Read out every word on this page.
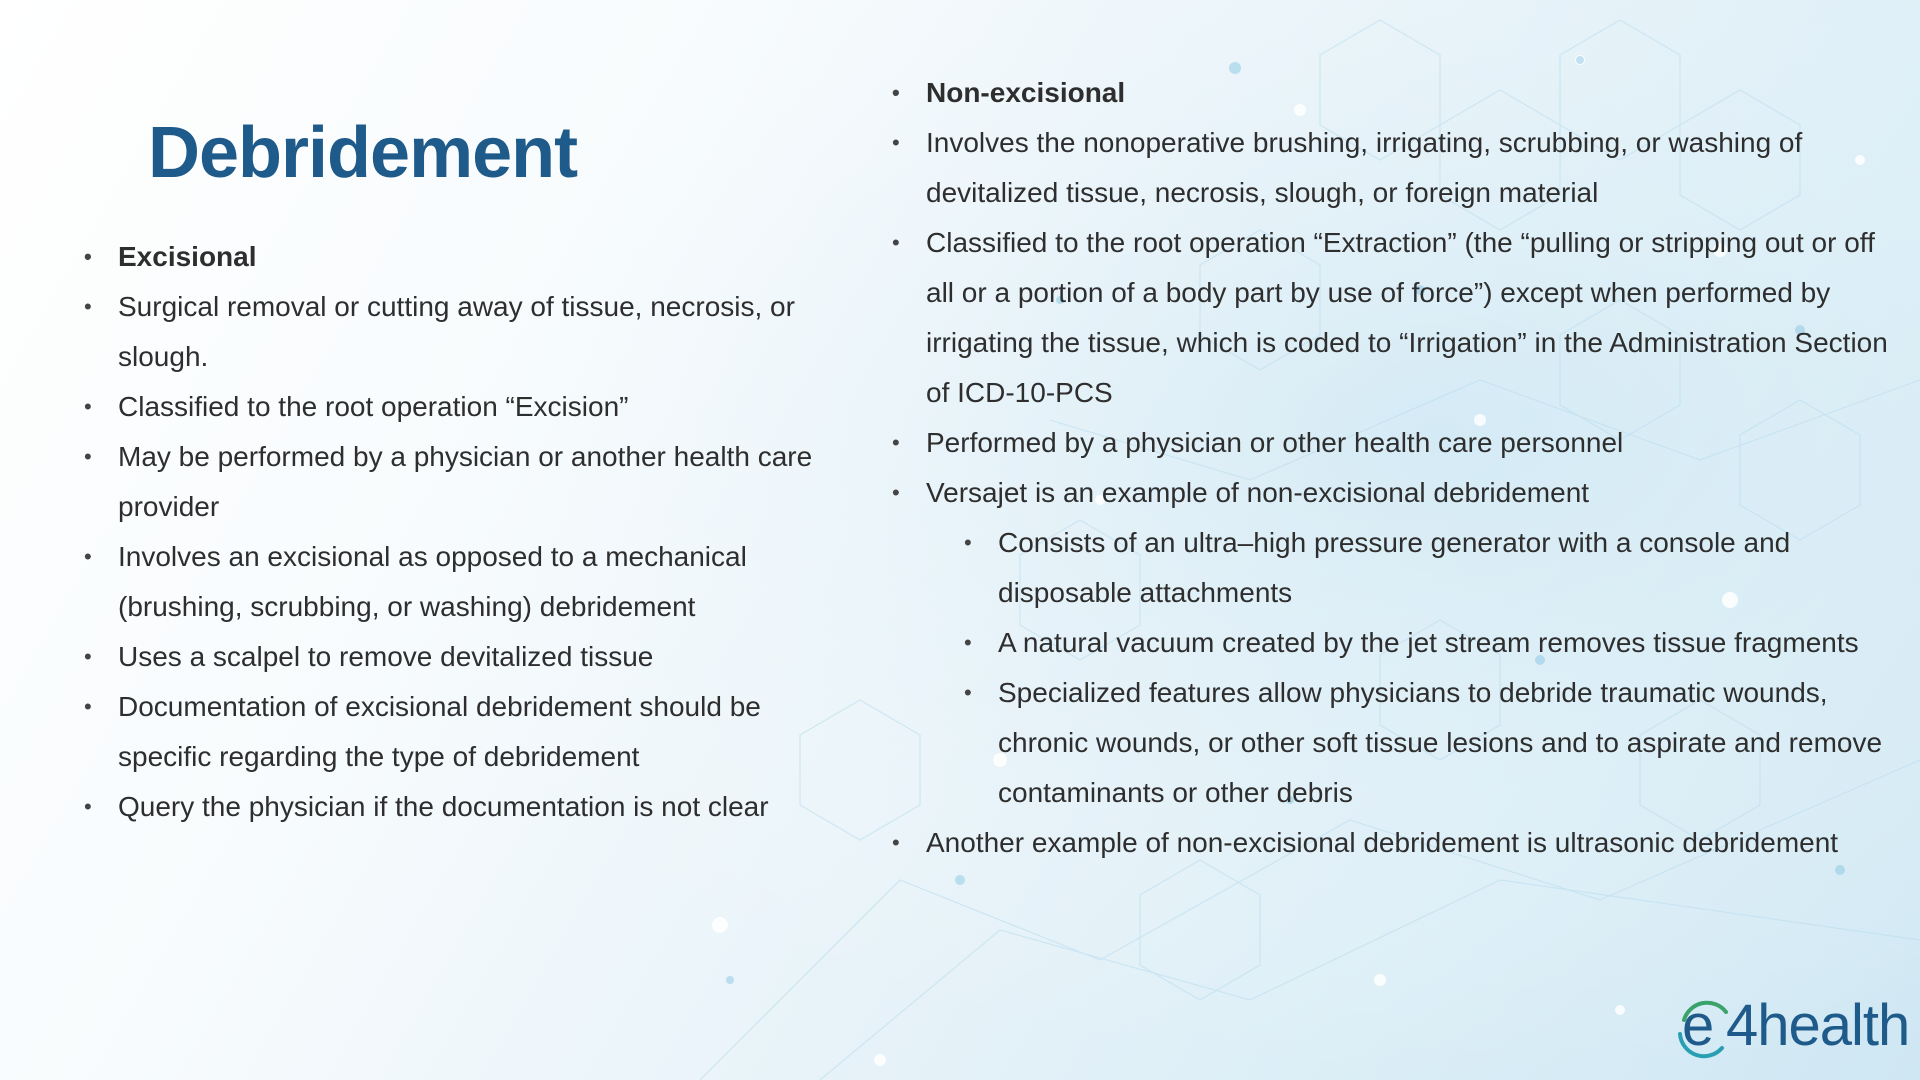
Debridement
• Excisional
• Surgical removal or cutting away of tissue, necrosis, or slough.
• Classified to the root operation “Excision”
• May be performed by a physician or another health care provider
• Involves an excisional as opposed to a mechanical (brushing, scrubbing, or washing) debridement
• Uses a scalpel to remove devitalized tissue
• Documentation of excisional debridement should be specific regarding the type of debridement
• Query the physician if the documentation is not clear
• Non-excisional
• Involves the nonoperative brushing, irrigating, scrubbing, or washing of devitalized tissue, necrosis, slough, or foreign material
• Classified to the root operation “Extraction” (the “pulling or stripping out or off all or a portion of a body part by use of force”) except when performed by irrigating the tissue, which is coded to “Irrigation” in the Administration Section of ICD-10-PCS
• Performed by a physician or other health care personnel
• Versajet is an example of non-excisional debridement
• Consists of an ultra–high pressure generator with a console and disposable attachments
• A natural vacuum created by the jet stream removes tissue fragments
• Specialized features allow physicians to debride traumatic wounds, chronic wounds, or other soft tissue lesions and to aspirate and remove contaminants or other debris
• Another example of non-excisional debridement is ultrasonic debridement
e 4health
